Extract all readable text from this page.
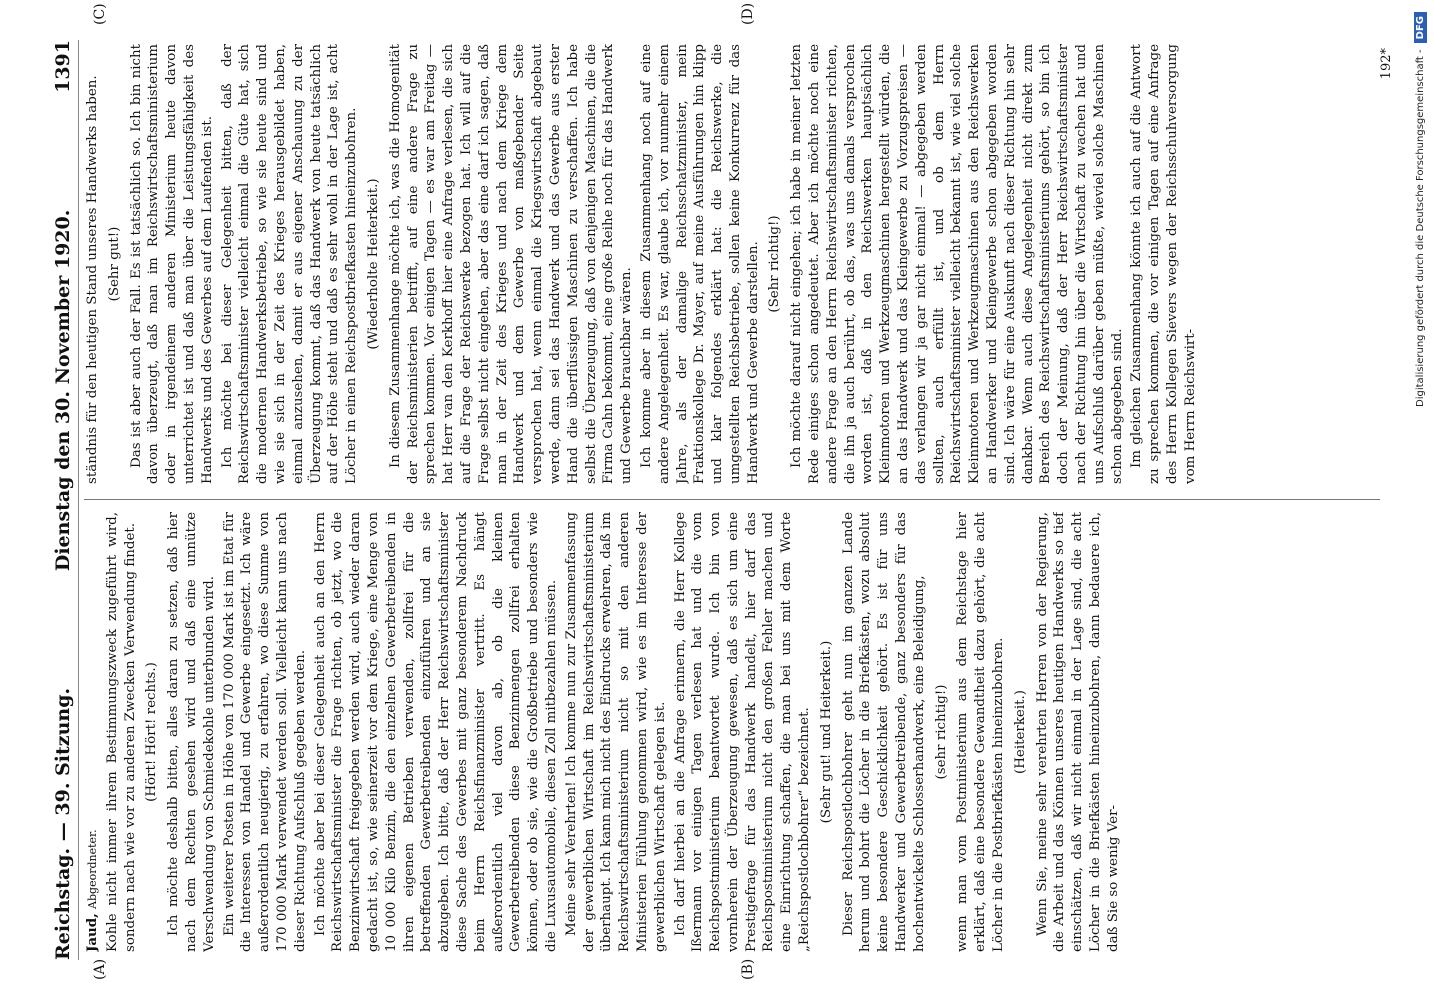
Reichstag. — 39. Sitzung.
Dienstag den 30. November 1920.
1391
(A)	(B)
(C)	(D)

Jaud, Abgeordneter. Kohle nicht immer ihrem Bestimmungszweck zugeführt wird, sondern nach wie vor zu anderen Zwecken Verwendung findet. (Hört! Hört! rechts.) Ich möchte deshalb bitten, alles daran zu setzen, daß hier nach dem Rechten gesehen wird und daß eine unnütze Verschwendung von Schmiedekohle unterbunden wird. Ein weiterer Posten in Höhe von 170 000 Mark ist im Etat für die Interessen von Handel und Gewerbe eingesetzt. Ich wäre außerordentlich neugierig, zu erfahren, wo diese Summe von 170 000 Mark verwendet werden soll. Vielleicht kann uns nach dieser Richtung Aufschluß gegeben werden. Ich möchte aber bei dieser Gelegenheit auch an den Herrn Reichswirtschaftsminister die Frage richten, ob jetzt, wo die Benzinwirtschaft freigegeben werden wird, auch wieder daran gedacht ist, so, wie seinerzeit vor dem Kriege, eine Menge von 10 000 Kilo Benzin, die den einzelnen Gewerbetreibenden in ihren eigenen Betrieben verwenden, zollfrei für die betreffenden Gewerbetreibenden einzuführen und an sie abzugeben. Ich bitte, daß der Herr Reichswirtschaftsminister diese Sache des Gewerbes mit ganz besonderem Nachdruck beim Herrn Reichsfinanzminister vertritt. Es hängt außerordentlich viel davon ab, ob die kleinen Gewerbetreibenden diese Benzinmengen zollfrei erhalten können, oder ob sie, wie die Großbetriebe und besonders wie die Luxusautomobile, diesen Zoll mitbezahlen müssen. Meine sehr Verehrten! Ich komme nun zur Zusammenfassung der gewerblichen Wirtschaft im Reichswirtschaftsministerium überhaupt. Ich kann mich nicht des Eindrucks erwehren, daß im Reichswirtschaftsministerium nicht so mit den anderen Ministerien Fühlung genommen wird, wie es im Interesse der gewerblichen Wirtschaft gelegen ist. Ich darf hierbei an die Anfrage erinnern, die Herr Kollege Ißermann vor einigen Tagen verlesen hat und die vom Reichspostministerium beantwortet wurde. Ich bin von vornherein der Überzeugung gewesen, daß es sich um eine Prestigefrage für das Handwerk handelt, hier darf das Reichspostministerium nicht den großen Fehler machen und eine Einrichtung schaffen, die man bei uns mit dem Worte „Reichspostlochbohrer“ bezeichnet. (Sehr gut! und Heiterkeit.) Dieser Reichspostlochbohrer geht nun im ganzen Lande herum und bohrt die Löcher in die Briefkästen, wozu absolut keine besondere Geschicklichkeit gehört. Es ist für uns Handwerker und Gewerbetreibende, ganz besonders für das hochentwickelte Schlosserhandwerk, eine Beleidigung, (sehr richtig!) wenn man vom Postministerium aus dem Reichstage hier erklärt, daß eine besondere Gewandtheit dazu gehört, die acht Löcher in die Postbriefkästen hineinzubohren. (Heiterkeit.) Wenn Sie, meine sehr verehrten Herren von der Regierung, die Arbeit und das Können unseres heutigen Handwerks so tief einschätzen, daß wir nicht einmal in der Lage sind, die acht Löcher in die Briefkästen hineinzubohren, dann bedauere ich, daß Sie so wenig Ver-

ständnis für den heutigen Stand unseres Handwerks haben. (Sehr gut!) Das ist aber auch der Fall. Es ist tatsächlich so. Ich bin nicht davon überzeugt, daß man im Reichswirtschaftsministerium oder in irgendeinem anderen Ministerium heute davon unterrichtet ist und daß man über die Leistungsfähigkeit des Handwerks und des Gewerbes auf dem Laufenden ist. Ich möchte bei dieser Gelegenheit bitten, daß der Reichswirtschaftsminister vielleicht einmal die Güte hat, sich die modernen Handwerksbetriebe, so wie sie heute sind und wie sie sich in der Zeit des Krieges herausgebildet haben, einmal anzusehen, damit er aus eigener Anschauung zu der Überzeugung kommt, daß das Handwerk von heute tatsächlich auf der Höhe steht und daß es sehr wohl in der Lage ist, acht Löcher in einen Reichspostbriefkasten hineinzubohren. (Wiederholte Heiterkeit.) In diesem Zusammenhange möchte ich, was die Homogenität der Reichsministerien betrifft, auf eine andere Frage zu sprechen kommen. Vor einigen Tagen — es war am Freitag — hat Herr van den Kerkhoff hier eine Anfrage verlesen, die sich auf die Frage der Reichswerke bezogen hat. Ich will auf die Frage selbst nicht eingehen, aber das eine darf ich sagen, daß man in der Zeit des Krieges und nach dem Kriege dem Handwerk und dem Gewerbe von maßgebender Seite versprochen hat, wenn einmal die Kriegswirtschaft abgebaut werde, dann sei das Handwerk und das Gewerbe aus erster Hand die überflüssigen Maschinen zu verschaffen. Ich habe selbst die Überzeugung, daß von denjenigen Maschinen, die die Firma Cahn bekommt, eine große Reihe noch für das Handwerk und Gewerbe brauchbar wären. Ich komme aber in diesem Zusammenhang noch auf eine andere Angelegenheit. Es war, glaube ich, vor nunmehr einem Jahre, als der damalige Reichsschatzminister, mein Fraktionskollege Dr. Mayer, auf meine Ausführungen hin klipp und klar folgendes erklärt hat: die Reichswerke, die umgestellten Reichsbetriebe, sollen keine Konkurrenz für das Handwerk und Gewerbe darstellen. (Sehr richtig!) Ich möchte darauf nicht eingehen; ich habe in meiner letzten Rede einiges schon angedeutet. Aber ich möchte noch eine andere Frage an den Herrn Reichswirtschaftsminister richten, die ihn ja auch berührt, ob das, was uns damals versprochen worden ist, daß in den Reichswerken hauptsächlich Kleinmotoren und Werkzeugmaschinen hergestellt würden, die an das Handwerk und das Kleingewerbe zu Vorzugspreisen — das verlangen wir ja gar nicht einmal! — abgegeben werden sollten, auch erfüllt ist, und ob dem Herrn Reichswirtschaftsminister vielleicht bekannt ist, wie viel solche Kleinmotoren und Werkzeugmaschinen aus den Reichswerken an Handwerker und Kleingewerbe schon abgegeben worden sind. Ich wäre für eine Auskunft nach dieser Richtung hin sehr dankbar. Wenn auch diese Angelegenheit nicht direkt zum Bereich des Reichswirtschaftsministeriums gehört, so bin ich doch der Meinung, daß der Herr Reichswirtschaftsminister nach der Richtung hin über die Wirtschaft zu wachen hat und uns Aufschluß darüber geben müßte, wieviel solche Maschinen schon abgegeben sind. Im gleichen Zusammenhang könnte ich auch auf die Antwort zu sprechen kommen, die vor einigen Tagen auf eine Anfrage des Herrn Kollegen Sievers wegen der Reichsschuhversorgung vom Herrn Reichswirt-

192* Digitalisierung gefördert durch die Deutsche Forschungsgemeinschaft -
DFG
